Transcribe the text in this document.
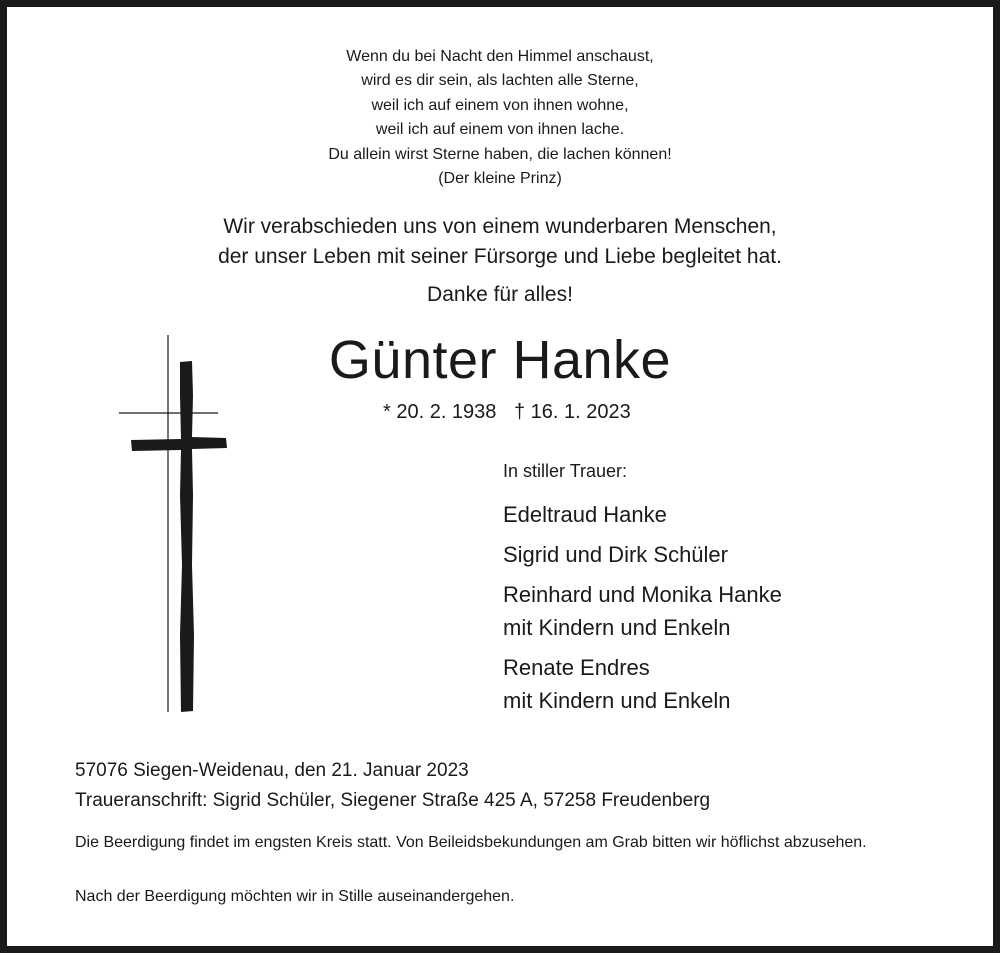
Wenn du bei Nacht den Himmel anschaust,
wird es dir sein, als lachten alle Sterne,
weil ich auf einem von ihnen wohne,
weil ich auf einem von ihnen lache.
Du allein wirst Sterne haben, die lachen können!
(Der kleine Prinz)
Wir verabschieden uns von einem wunderbaren Menschen,
der unser Leben mit seiner Fürsorge und Liebe begleitet hat.
Danke für alles!
Günter Hanke
* 20. 2. 1938 † 16. 1. 2023
In stiller Trauer:
Edeltraud Hanke
Sigrid und Dirk Schüler
Reinhard und Monika Hanke
mit Kindern und Enkeln
Renate Endres
mit Kindern und Enkeln
57076 Siegen-Weidenau, den 21. Januar 2023
Traueranschrift: Sigrid Schüler, Siegener Straße 425 A, 57258 Freudenberg
Die Beerdigung findet im engsten Kreis statt. Von Beileidsbekundungen am Grab bitten wir höflichst abzusehen.
Nach der Beerdigung möchten wir in Stille auseinandergehen.
